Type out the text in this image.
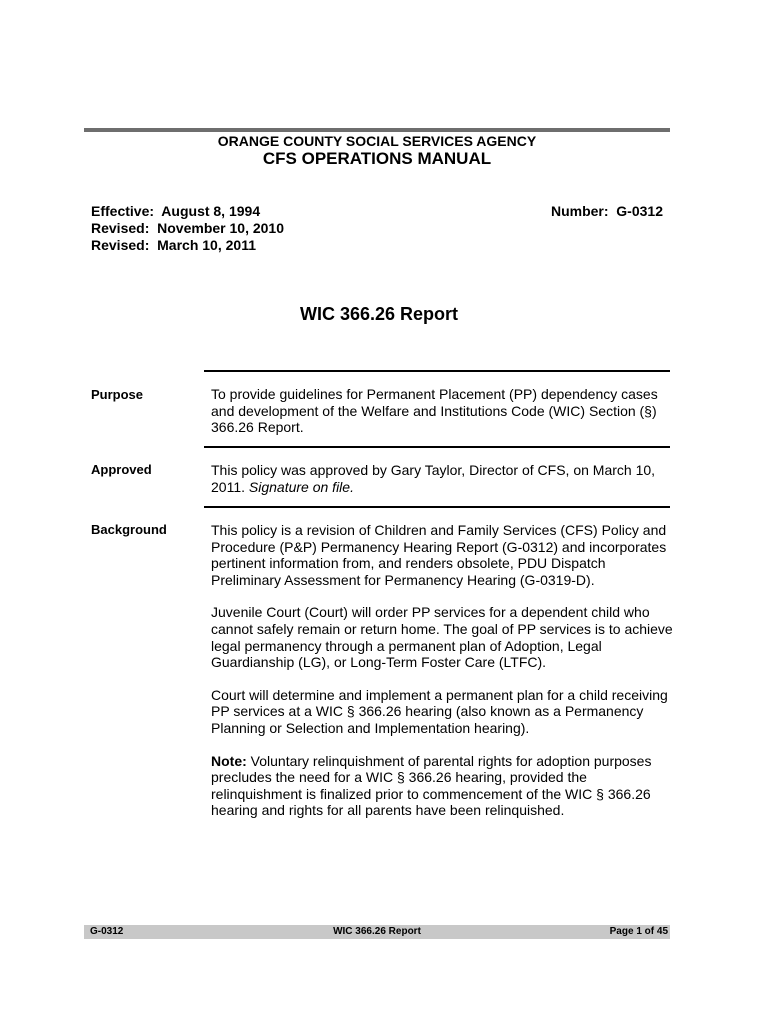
ORANGE COUNTY SOCIAL SERVICES AGENCY
CFS OPERATIONS MANUAL
Effective: August 8, 1994
Revised: November 10, 2010
Revised: March 10, 2011
Number: G-0312
WIC 366.26 Report
Purpose	To provide guidelines for Permanent Placement (PP) dependency cases and development of the Welfare and Institutions Code (WIC) Section (§) 366.26 Report.

Approved	This policy was approved by Gary Taylor, Director of CFS, on March 10, 2011. Signature on file.

Background	This policy is a revision of Children and Family Services (CFS) Policy and Procedure (P&P) Permanency Hearing Report (G-0312) and incorporates pertinent information from, and renders obsolete, PDU Dispatch Preliminary Assessment for Permanency Hearing (G-0319-D).

Juvenile Court (Court) will order PP services for a dependent child who cannot safely remain or return home. The goal of PP services is to achieve legal permanency through a permanent plan of Adoption, Legal Guardianship (LG), or Long-Term Foster Care (LTFC).

Court will determine and implement a permanent plan for a child receiving PP services at a WIC § 366.26 hearing (also known as a Permanency Planning or Selection and Implementation hearing).

Note: Voluntary relinquishment of parental rights for adoption purposes precludes the need for a WIC § 366.26 hearing, provided the relinquishment is finalized prior to commencement of the WIC § 366.26 hearing and rights for all parents have been relinquished.

G-0312	WIC 366.26 Report	Page 1 of 45
